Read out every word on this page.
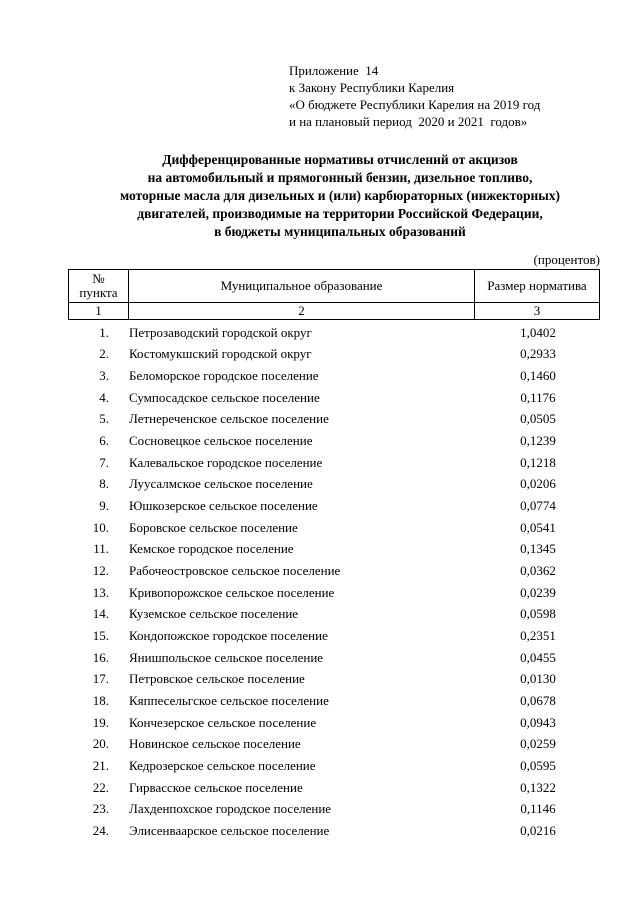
Приложение  14
к Закону Республики Карелия
«О бюджете Республики Карелия на 2019 год
и на плановый период  2020 и 2021  годов»
Дифференцированные нормативы отчислений от акцизов
на автомобильный и прямогонный бензин, дизельное топливо,
моторные масла для дизельных и (или) карбюраторных (инжекторных)
двигателей, производимые на территории Российской Федерации,
в бюджеты муниципальных образований
(процентов)
№
пункта	Муниципальное образование	Размер норматива
1	2	3
1.	Петрозаводский городской округ	1,0402
2.	Костомукшский городской округ	0,2933
3.	Беломорское городское поселение	0,1460
4.	Сумпосадское сельское поселение	0,1176
5.	Летнереченское сельское поселение	0,0505
6.	Сосновецкое сельское поселение	0,1239
7.	Калевальское городское поселение	0,1218
8.	Луусалмское сельское поселение	0,0206
9.	Юшкозерское сельское поселение	0,0774
10.	Боровское сельское поселение	0,0541
11.	Кемское городское поселение	0,1345
12.	Рабочеостровское сельское поселение	0,0362
13.	Кривопорожское сельское поселение	0,0239
14.	Куземское сельское поселение	0,0598
15.	Кондопожское городское поселение	0,2351
16.	Янишпольское сельское поселение	0,0455
17.	Петровское сельское поселение	0,0130
18.	Кяппесельгское сельское поселение	0,0678
19.	Кончезерское сельское поселение	0,0943
20.	Новинское сельское поселение	0,0259
21.	Кедрозерское сельское поселение	0,0595
22.	Гирвасское сельское поселение	0,1322
23.	Лахденпохское городское поселение	0,1146
24.	Элисенваарское сельское поселение	0,0216
